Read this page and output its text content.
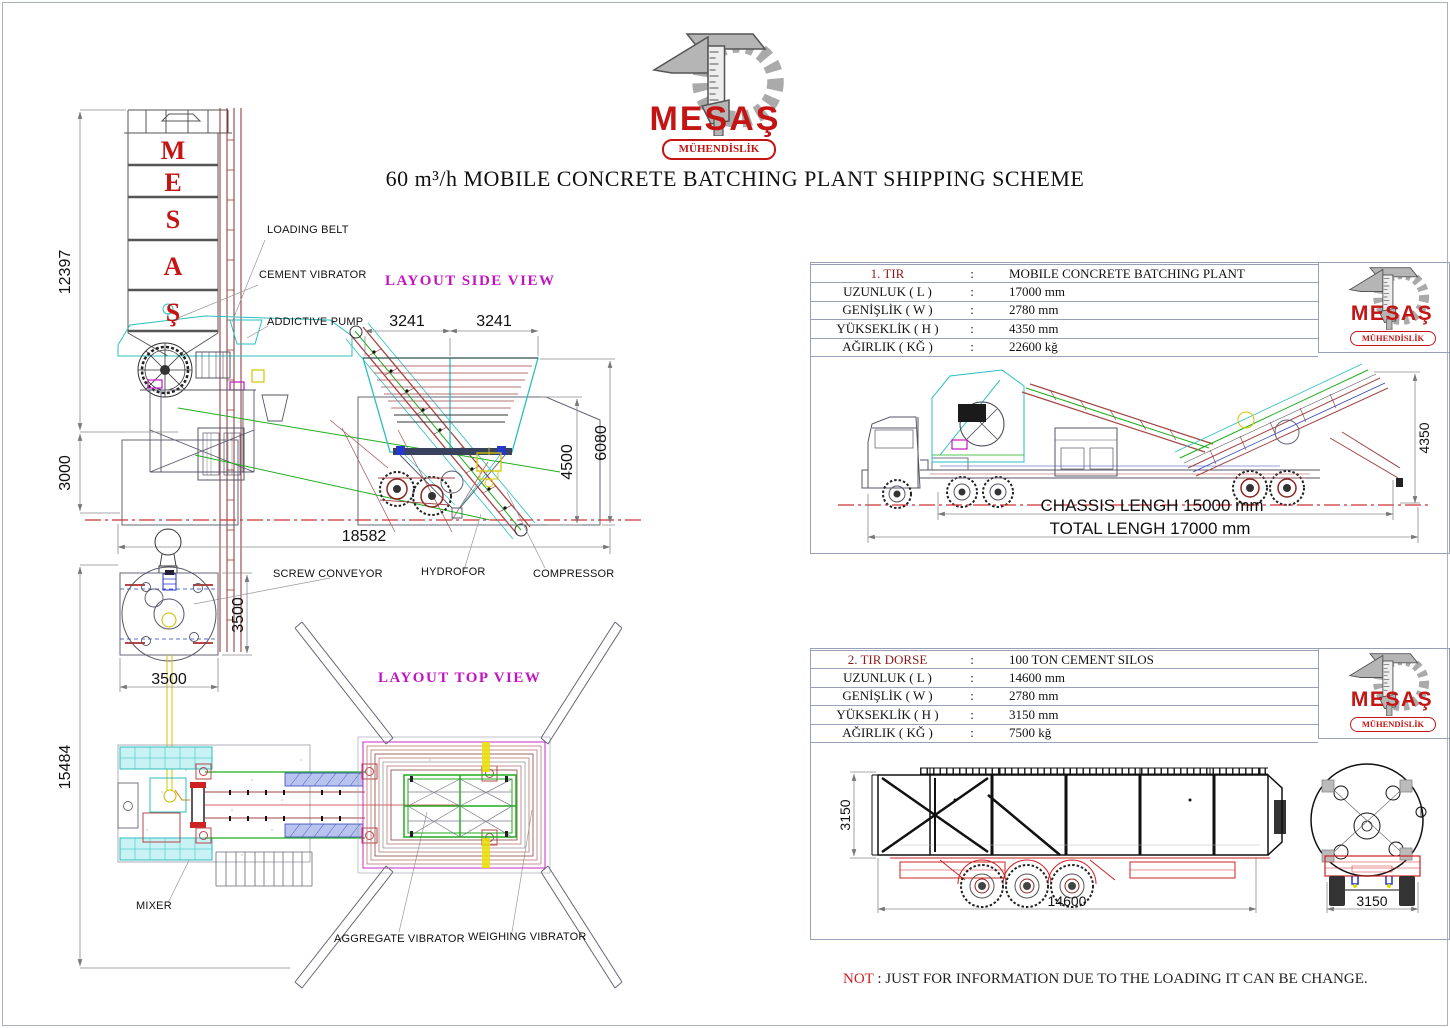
MESAŞ
MÜHENDİSLİK
60 m³/h MOBILE CONCRETE BATCHING PLANT SHIPPING SCHEME
M
E
S
A
Ş
LAYOUT SIDE VIEW
LOADING BELT
CEMENT VIBRATOR
ADDICTIVE PUMP
HYDROFOR	COMPRESSOR
12397
3000
18582
3241	3241
4500
6080
LAYOUT TOP VIEW
SCREW CONVEYOR
MIXER
AGGREGATE VIBRATOR WEIGHING VIBRATOR
3500
3500
15484
1. TIR	:	MOBILE CONCRETE BATCHING PLANT
UZUNLUK ( L )	:	17000 mm
GENİŞLİK ( W )	:	2780 mm
YÜKSEKLİK ( H )	:	4350 mm
AĞIRLIK ( KĞ )	:	22600 kğ
MESAŞ
MÜHENDİSLİK
4350
CHASSIS LENGH 15000 mm
TOTAL LENGH 17000 mm
2. TIR DORSE	:	100 TON CEMENT SILOS
UZUNLUK ( L )	:	14600 mm
GENİŞLİK ( W )	:	2780 mm
YÜKSEKLİK ( H )	:	3150 mm
AĞIRLIK ( KĞ )	:	7500 kğ
MESAŞ
MÜHENDİSLİK
3150
14600	3150
NOT : JUST FOR INFORMATION DUE TO THE LOADING IT CAN BE CHANGE.
